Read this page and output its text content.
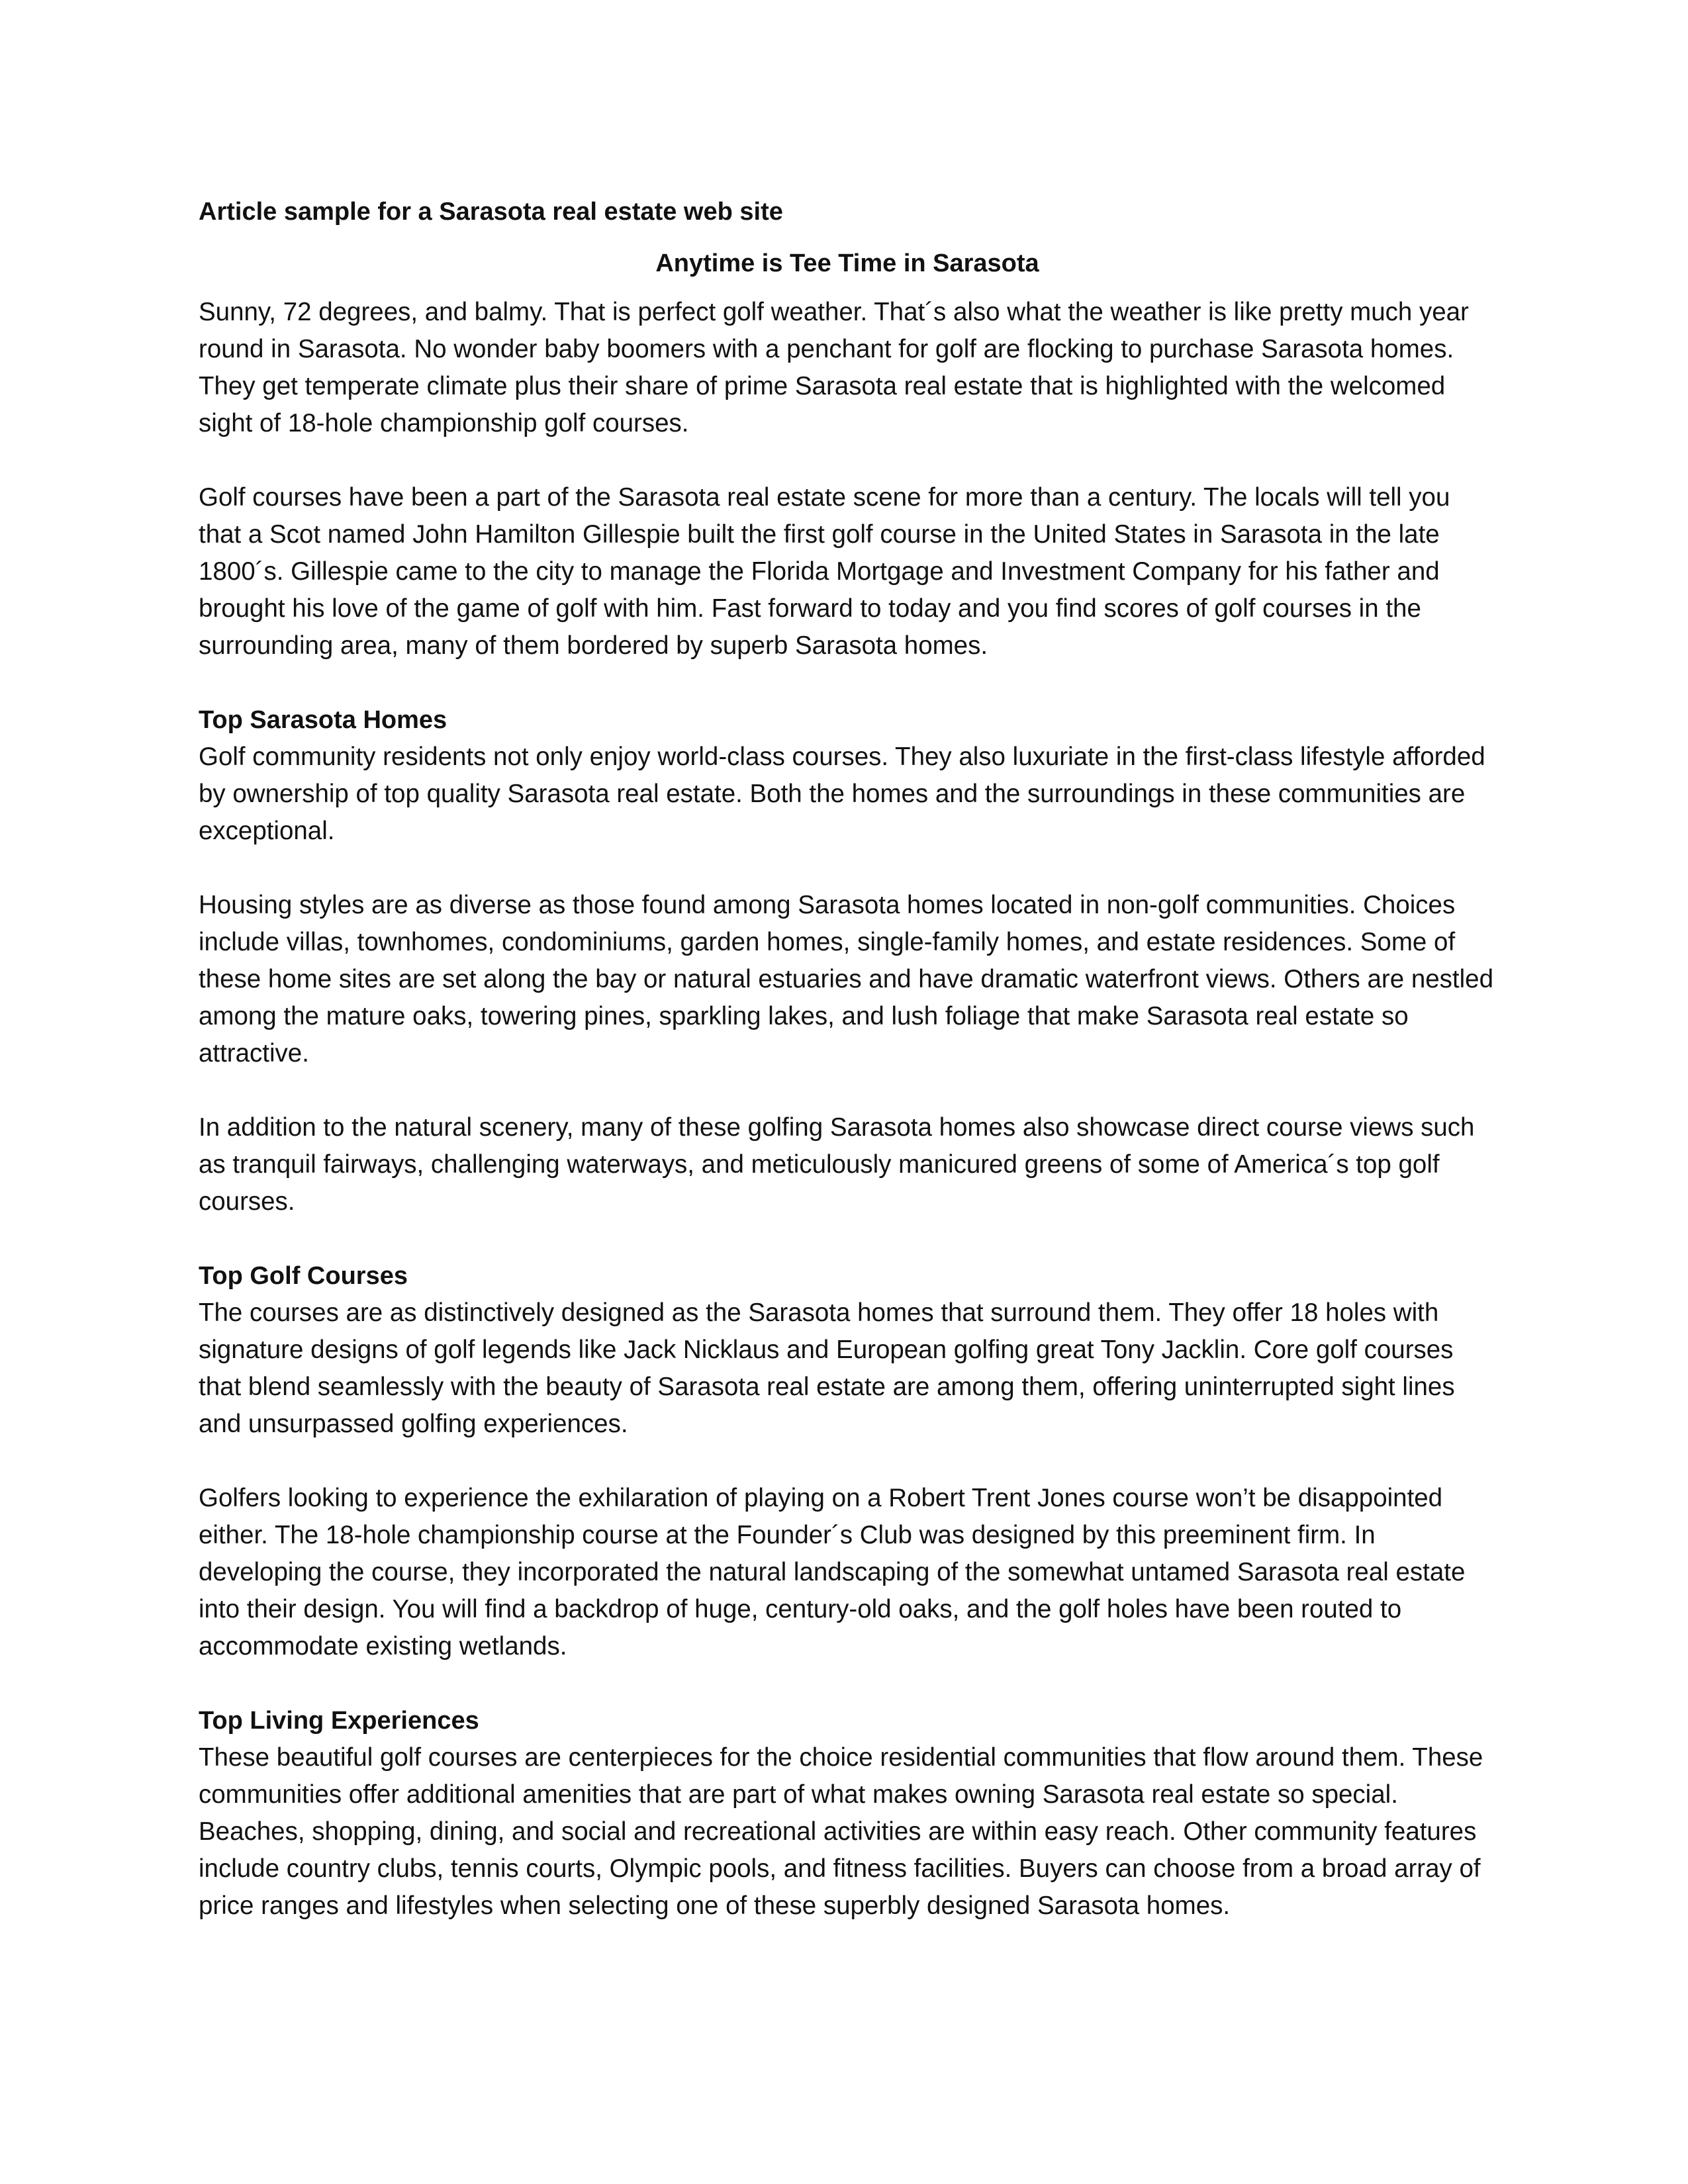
Article sample for a Sarasota real estate web site
Anytime is Tee Time in Sarasota

Sunny, 72 degrees, and balmy. That is perfect golf weather. That´s also what the weather is like pretty much year round in Sarasota. No wonder baby boomers with a penchant for golf are flocking to purchase Sarasota homes. They get temperate climate plus their share of prime Sarasota real estate that is highlighted with the welcomed sight of 18-hole championship golf courses.

Golf courses have been a part of the Sarasota real estate scene for more than a century. The locals will tell you that a Scot named John Hamilton Gillespie built the first golf course in the United States in Sarasota in the late 1800´s. Gillespie came to the city to manage the Florida Mortgage and Investment Company for his father and brought his love of the game of golf with him. Fast forward to today and you find scores of golf courses in the surrounding area, many of them bordered by superb Sarasota homes.

Top Sarasota Homes

Golf community residents not only enjoy world-class courses. They also luxuriate in the first-class lifestyle afforded by ownership of top quality Sarasota real estate. Both the homes and the surroundings in these communities are exceptional.

Housing styles are as diverse as those found among Sarasota homes located in non-golf communities. Choices include villas, townhomes, condominiums, garden homes, single-family homes, and estate residences. Some of these home sites are set along the bay or natural estuaries and have dramatic waterfront views. Others are nestled among the mature oaks, towering pines, sparkling lakes, and lush foliage that make Sarasota real estate so attractive.

In addition to the natural scenery, many of these golfing Sarasota homes also showcase direct course views such as tranquil fairways, challenging waterways, and meticulously manicured greens of some of America´s top golf courses.

Top Golf Courses

The courses are as distinctively designed as the Sarasota homes that surround them. They offer 18 holes with signature designs of golf legends like Jack Nicklaus and European golfing great Tony Jacklin. Core golf courses that blend seamlessly with the beauty of Sarasota real estate are among them, offering uninterrupted sight lines and unsurpassed golfing experiences.

Golfers looking to experience the exhilaration of playing on a Robert Trent Jones course won’t be disappointed either. The 18-hole championship course at the Founder´s Club was designed by this preeminent firm. In developing the course, they incorporated the natural landscaping of the somewhat untamed Sarasota real estate into their design. You will find a backdrop of huge, century-old oaks, and the golf holes have been routed to accommodate existing wetlands.

Top Living Experiences

These beautiful golf courses are centerpieces for the choice residential communities that flow around them. These communities offer additional amenities that are part of what makes owning Sarasota real estate so special. Beaches, shopping, dining, and social and recreational activities are within easy reach. Other community features include country clubs, tennis courts, Olympic pools, and fitness facilities. Buyers can choose from a broad array of price ranges and lifestyles when selecting one of these superbly designed Sarasota homes.
